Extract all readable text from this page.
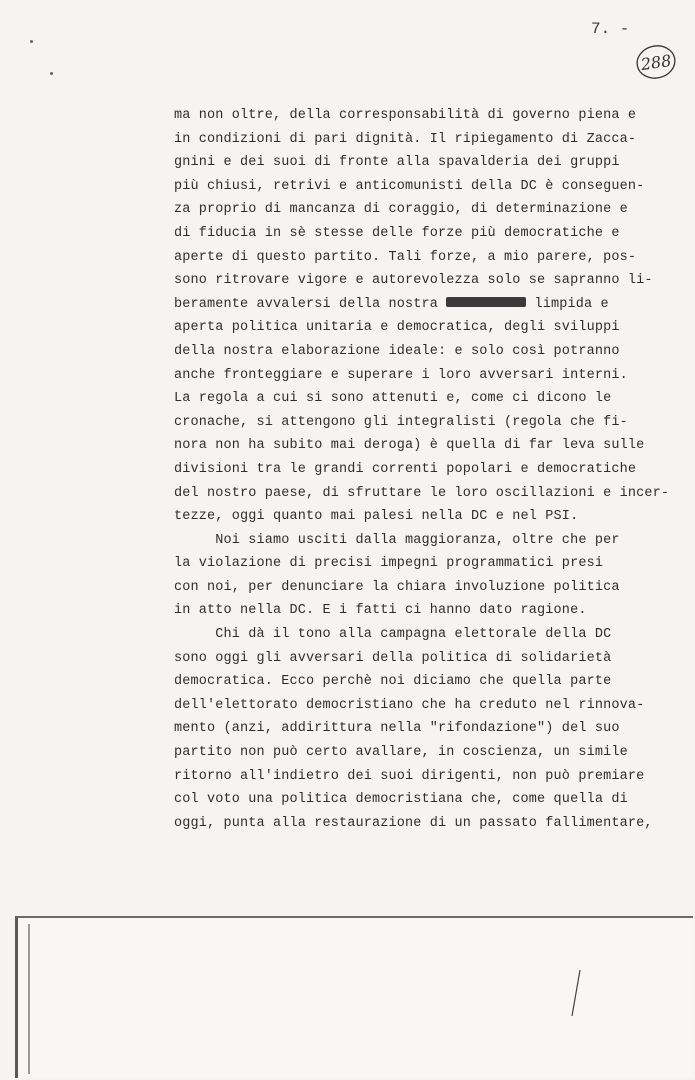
7. -
288
ma non oltre, della corresponsabilità di governo piena e
in condizioni di pari dignità. Il ripiegamento di Zacca-
gnini e dei suoi di fronte alla spavalderia dei gruppi
più chiusi, retrivi e anticomunisti della DC è conseguen-
za proprio di mancanza di coraggio, di determinazione e
di fiducia in sè stesse delle forze più democratiche e
aperte di questo partito. Tali forze, a mio parere, pos-
sono ritrovare vigore e autorevolezza solo se sapranno li-
beramente avvalersi della nostra	limpida e
aperta politica unitaria e democratica, degli sviluppi
della nostra elaborazione ideale: e solo così potranno
anche fronteggiare e superare i loro avversari interni.
La regola a cui si sono attenuti e, come ci dicono le
cronache, si attengono gli integralisti (regola che fi-
nora non ha subito mai deroga) è quella di far leva sulle
divisioni tra le grandi correnti popolari e democratiche
del nostro paese, di sfruttare le loro oscillazioni e incer-
tezze, oggi quanto mai palesi nella DC e nel PSI.
Noi siamo usciti dalla maggioranza, oltre che per
la violazione di precisi impegni programmatici presi
con noi, per denunciare la chiara involuzione politica
in atto nella DC. E i fatti ci hanno dato ragione.
Chi dà il tono alla campagna elettorale della DC
sono oggi gli avversari della politica di solidarietà
democratica. Ecco perchè noi diciamo che quella parte
dell'elettorato democristiano che ha creduto nel rinnova-
mento (anzi, addirittura nella "rifondazione") del suo
partito non può certo avallare, in coscienza, un simile
ritorno all'indietro dei suoi dirigenti, non può premiare
col voto una politica democristiana che, come quella di
oggi, punta alla restaurazione di un passato fallimentare,
